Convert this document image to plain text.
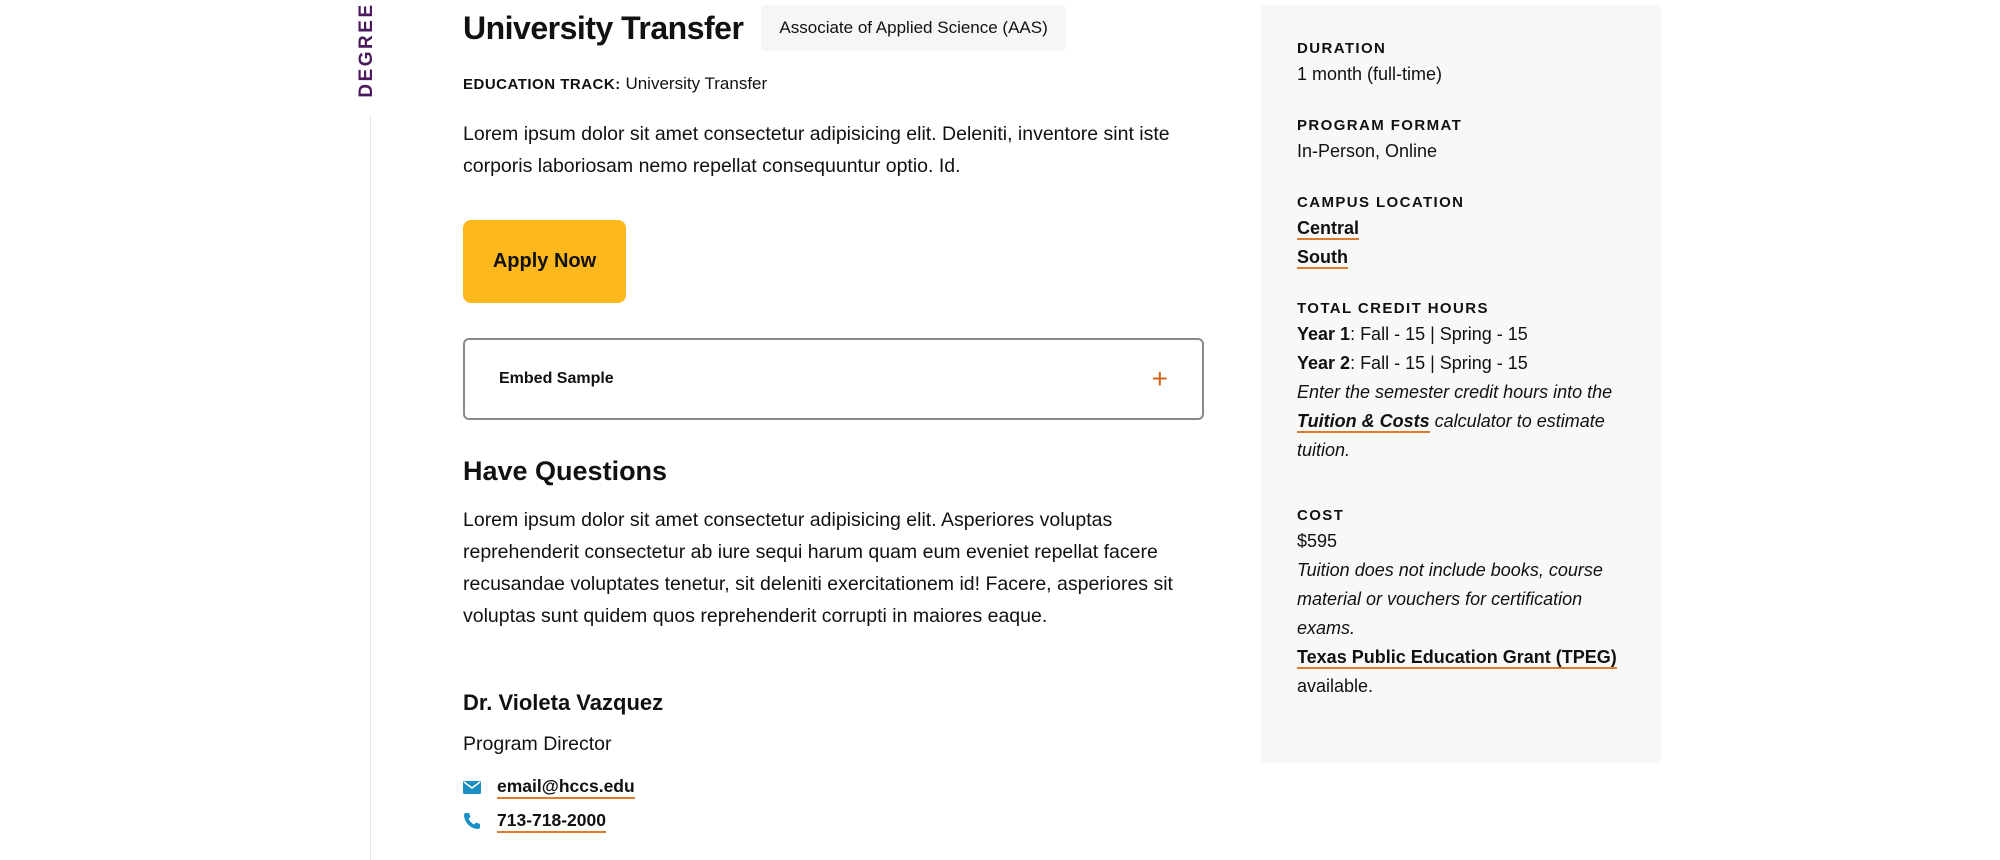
DEGREE	University Transfer	Associate of Applied Science (AAS)
EDUCATION TRACK: University Transfer

Lorem ipsum dolor sit amet consectetur adipisicing elit. Deleniti, inventore sint iste corporis laboriosam nemo repellat consequuntur optio. Id.

Apply Now
Embed Sample	+
Have Questions

Lorem ipsum dolor sit amet consectetur adipisicing elit. Asperiores voluptas reprehenderit consectetur ab iure sequi harum quam eum eveniet repellat facere recusandae voluptates tenetur, sit deleniti exercitationem id! Facere, asperiores sit voluptas sunt quidem quos reprehenderit corrupti in maiores eaque.

Dr. Violeta Vazquez
Program Director
email@hccs.edu
713-718-2000
DURATION
1 month (full-time)
PROGRAM FORMAT
In-Person, Online
CAMPUS LOCATION
Central
South
TOTAL CREDIT HOURS
Year 1: Fall - 15 | Spring - 15
Year 2: Fall - 15 | Spring - 15
Enter the semester credit hours into the Tuition & Costs calculator to estimate tuition.
COST
$595
Tuition does not include books, course material or vouchers for certification exams.
Texas Public Education Grant (TPEG)
available.
